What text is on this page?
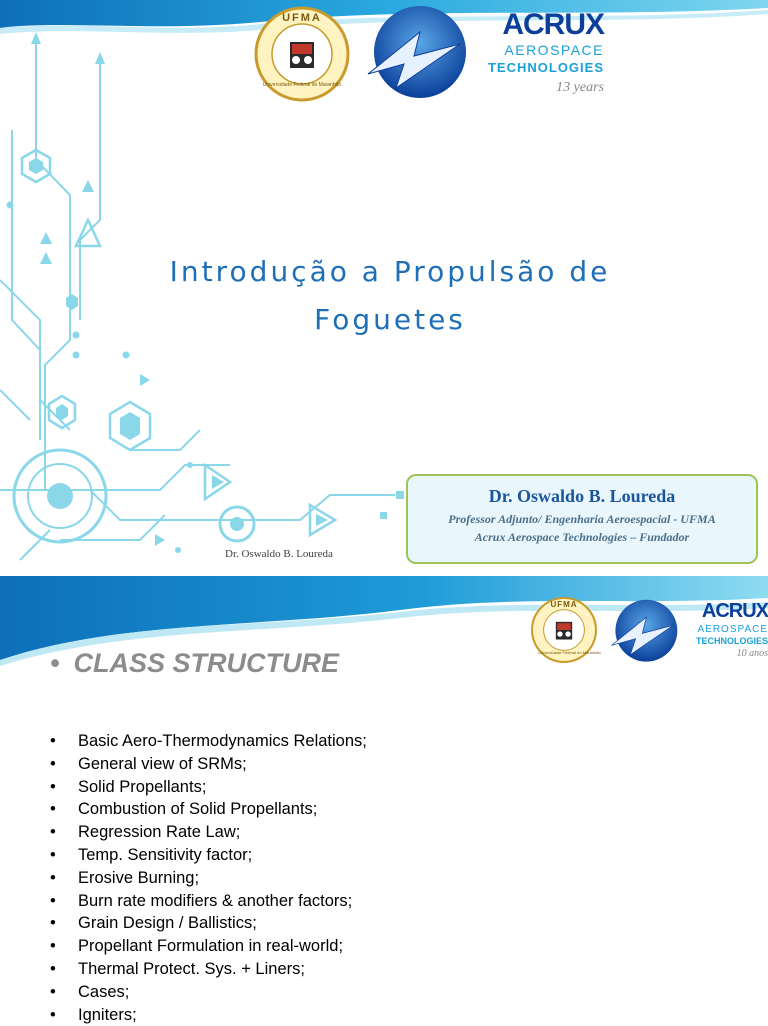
UFMA
Universidade Federal do Maranhão
ACRUX
AEROSPACE
TECHNOLOGIES
13 years
Introdução a Propulsão de
Foguetes
Dr. Oswaldo B. Loureda
Dr. Oswaldo B. Loureda
Professor Adjunto/ Engenharia Aeroespacial - UFMA
Acrux Aerospace Technologies – Fundador
UFMA
Universidade Federal do Maranhão
ACRUX
AEROSPACE
TECHNOLOGIES
10 anos
• CLASS STRUCTURE
• Basic Aero-Thermodynamics Relations;
• General view of SRMs;
• Solid Propellants;
• Combustion of Solid Propellants;
• Regression Rate Law;
• Temp. Sensitivity factor;
• Erosive Burning;
• Burn rate modifiers & another factors;
• Grain Design / Ballistics;
• Propellant Formulation in real-world;
• Thermal Protect. Sys. + Liners;
• Cases;
• Igniters;
